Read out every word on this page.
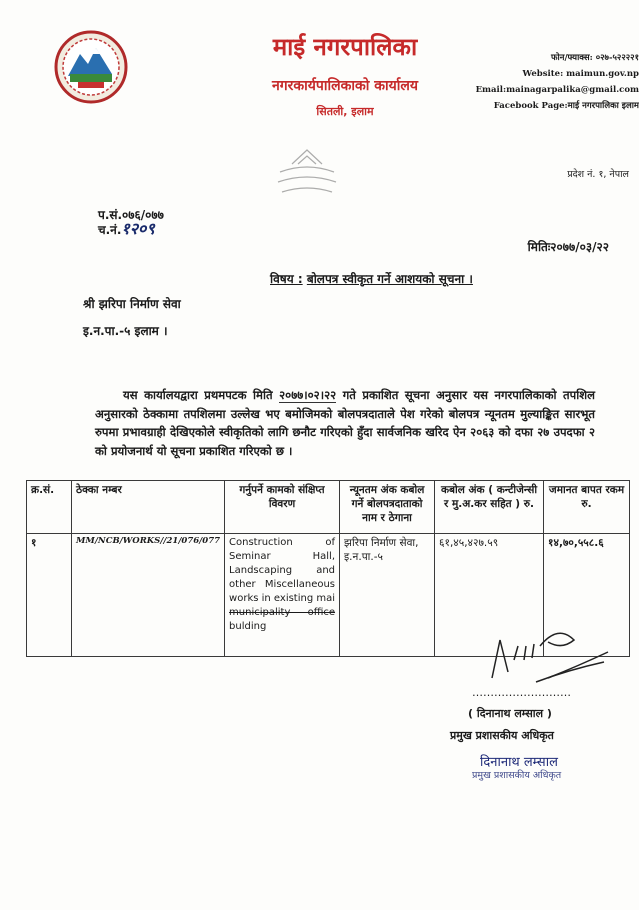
माई नगरपालिका
नगरकार्यपालिकाको कार्यालय
सितली, इलाम
फोन/फ्याक्स: ०२७-५२२२२१
Website: maimun.gov.np
Email:mainagarpalika@gmail.com
Facebook Page:माई नगरपालिका इलाम
प्रदेश नं. १, नेपाल
प.सं.०७६/०७७
च.नं.१२०९
मितिः२०७७/०३/२२
विषय : बोलपत्र स्वीकृत गर्ने आशयको सूचना ।
श्री झरिपा निर्माण सेवा
इ.न.पा.-५ इलाम ।
यस कार्यालयद्वारा प्रथमपटक मिति २०७७।०२।२२ गते प्रकाशित सूचना अनुसार यस नगरपालिकाको तपशिल अनुसारको ठेक्कामा तपशिलमा उल्लेख भए बमोजिमको बोलपत्रदाताले पेश गरेको बोलपत्र न्यूनतम मुल्याङ्कित सारभूत रुपमा प्रभावग्राही देखिएकोले स्वीकृतिको लागि छनौट गरिएको हुँदा सार्वजनिक खरिद ऐन २०६३ को दफा २७ उपदफा २ को प्रयोजनार्थ यो सूचना प्रकाशित गरिएको छ ।
क्र.सं.	ठेक्का नम्बर	गर्नुपर्ने कामको संक्षिप्त विवरण	न्यूनतम अंक कबोल गर्ने बोलपत्रदाताको नाम र ठेगाना	कबोल अंक ( कन्टीजेन्सी र मु.अ.कर सहित ) रु.	जमानत बापत रकम रु.
१	MM/NCB/WORKS//21/076/077	Construction of Seminar Hall, Landscaping and other Miscellaneous works in existing mai municipality office bulding	झरिपा निर्माण सेवा, इ.न.पा.-५	६१,४५,४२७.५९	१४,७०,५५८.६
………………………
( दिनानाथ लम्साल )
प्रमुख प्रशासकीय अधिकृत
दिनानाथ लम्साल
प्रमुख प्रशासकीय अधिकृत
